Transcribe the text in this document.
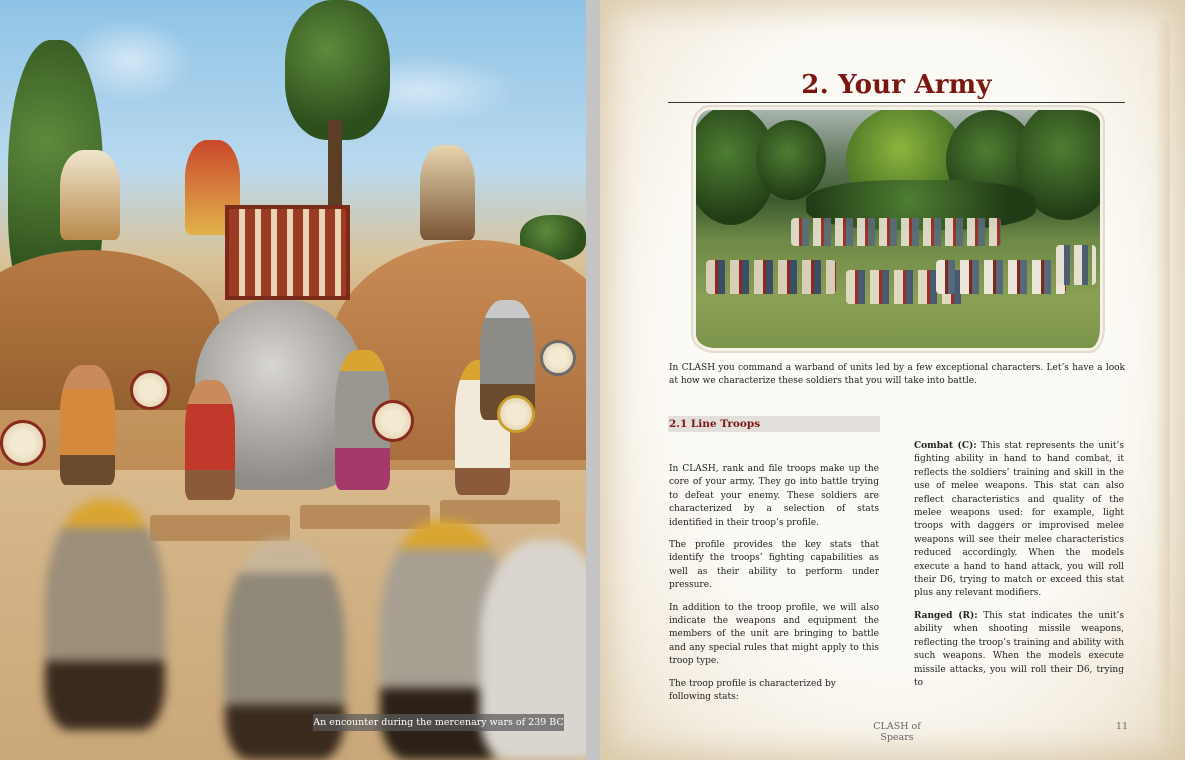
An encounter during the mercenary wars of 239 BC
2. Your Army
In CLASH you command a warband of units led by a few exceptional characters. Let’s have a look at how we characterize these soldiers that you will take into battle.

In CLASH, rank and file troops make up the core of your army. They go into battle trying to defeat your enemy. These soldiers are characterized by a selection of stats identified in their troop’s profile.

The profile provides the key stats that identify the troops’ fighting capabilities as well as their ability to perform under pressure.

In addition to the troop profile, we will also indicate the weapons and equipment the members of the unit are bringing to battle and any special rules that might apply to this troop type.

The troop profile is characterized by following stats:

Combat (C): This stat represents the unit’s fighting ability in hand to hand combat, it reflects the soldiers’ training and skill in the use of melee weapons. This stat can also reflect characteristics and quality of the melee weapons used: for example, light troops with daggers or improvised melee weapons will see their melee characteristics reduced accordingly. When the models execute a hand to hand attack, you will roll their D6, trying to match or exceed this stat plus any relevant modifiers.

Ranged (R): This stat indicates the unit’s ability when shooting missile weapons, reflecting the troop’s training and ability with such weapons. When the models execute missile attacks, you will roll their D6, trying to

CLASH of Spears
11
2.1 Line Troops
